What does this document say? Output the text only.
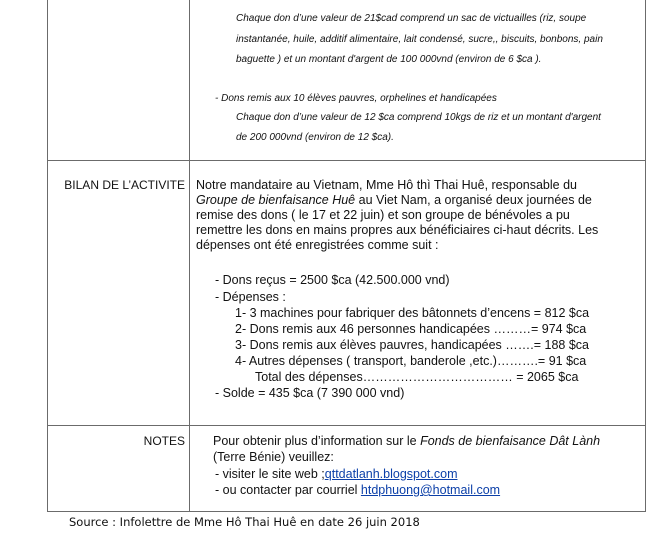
Chaque don d’une valeur de 21$cad comprend un sac de victuailles (riz, soupe
instantanée, huile, additif alimentaire, lait condensé, sucre,, biscuits, bonbons, pain
baguette ) et un montant d'argent de 100 000vnd (environ de 6 $ca ).
- Dons remis aux 10 élèves pauvres, orphelines et handicapées
Chaque don d’une valeur de 12 $ca comprend 10kgs de riz et un montant d'argent
de 200 000vnd (environ de 12 $ca).
BILAN DE L’ACTIVITE Notre mandataire au Vietnam, Mme Hô thì Thai Huê, responsable du

Groupe de bienfaisance Huê au Viet Nam, a organisé deux journées de

remise des dons ( le 17 et 22 juin) et son groupe de bénévoles a pu

remettre les dons en mains propres aux bénéficiaires ci-haut décrits. Les

dépenses ont été enregistrées comme suit :

- Dons reçus = 2500 $ca (42.500.000 vnd)
- Dépenses :
1- 3 machines pour fabriquer des bâtonnets d’encens = 812 $ca
2- Dons remis aux 46 personnes handicapées ………= 974 $ca
3- Dons remis aux élèves pauvres, handicapées …….= 188 $ca
4- Autres dépenses ( transport, banderole ,etc.)……….= 91 $ca
Total des dépenses……………………………… = 2065 $ca
- Solde = 435 $ca (7 390 000 vnd)
NOTES Pour obtenir plus d’information sur le Fonds de bienfaisance Dât Lành
(Terre Bénie) veuillez:
- visiter le site web ;qttdatlanh.blogspot.com
- ou contacter par courriel htdphuong@hotmail.com
Source : Infolettre de Mme Hô Thai Huê en date 26 juin 2018
